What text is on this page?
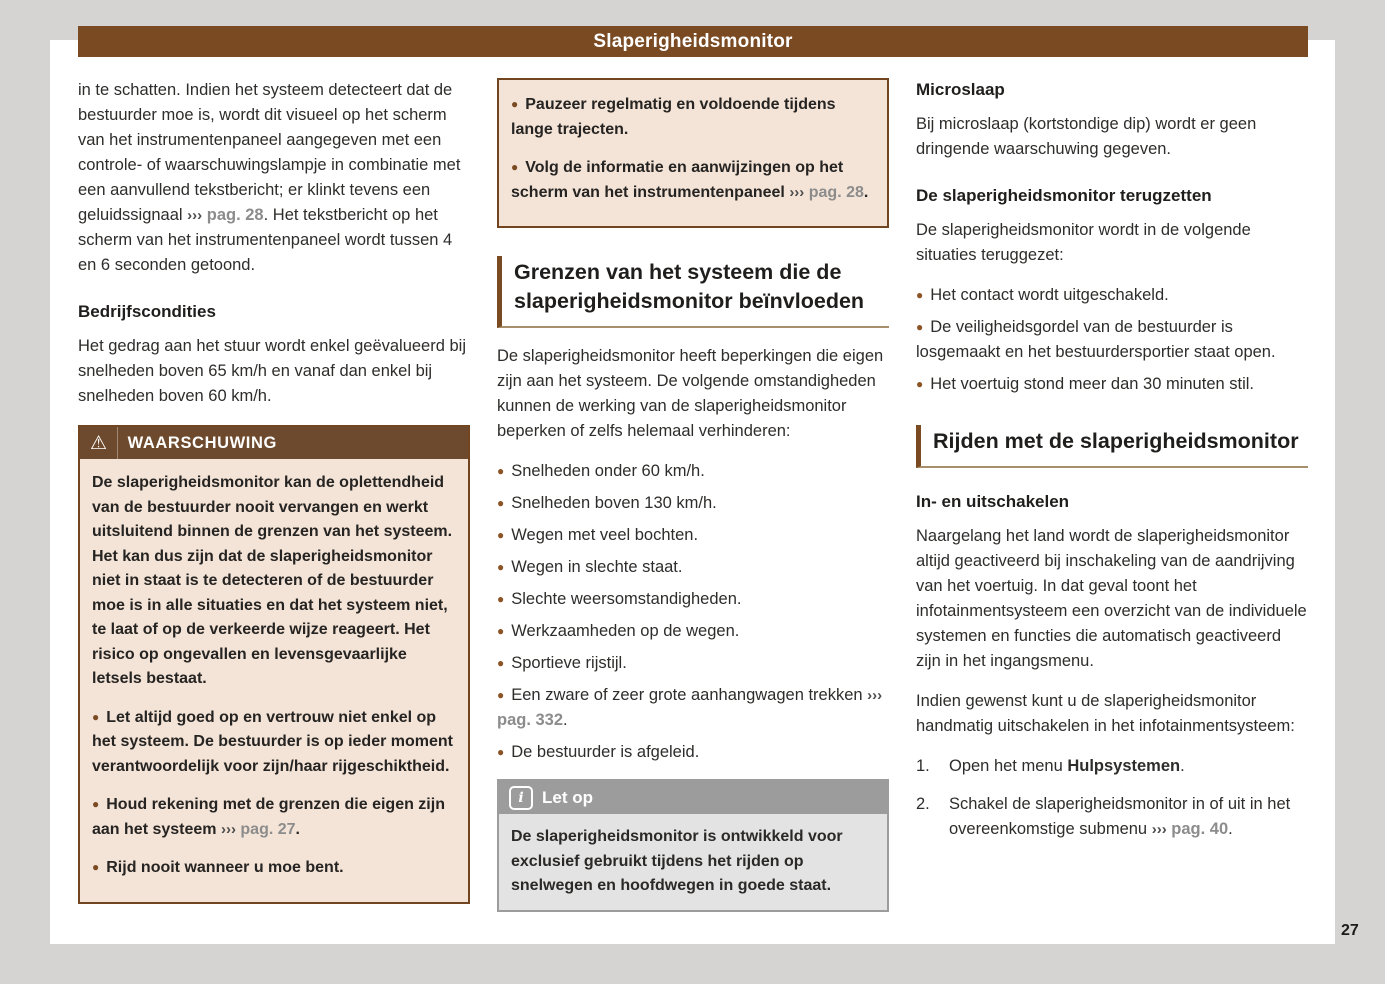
Slaperigheidsmonitor

in te schatten. Indien het systeem detecteert dat de bestuurder moe is, wordt dit visueel op het scherm van het instrumentenpaneel aangegeven met een controle- of waarschuwingslampje in combinatie met een aanvullend tekstbericht; er klinkt tevens een geluidssignaal ››› pag. 28. Het tekstbericht op het scherm van het instrumentenpaneel wordt tussen 4 en 6 seconden getoond.

Bedrijfscondities

Het gedrag aan het stuur wordt enkel geëvalueerd bij snelheden boven 65 km/h en vanaf dan enkel bij snelheden boven 60 km/h.

⚠ WAARSCHUWING

De slaperigheidsmonitor kan de oplettendheid van de bestuurder nooit vervangen en werkt uitsluitend binnen de grenzen van het systeem. Het kan dus zijn dat de slaperigheidsmonitor niet in staat is te detecteren of de bestuurder moe is in alle situaties en dat het systeem niet, te laat of op de verkeerde wijze reageert. Het risico op ongevallen en levensgevaarlijke letsels bestaat.

● Let altijd goed op en vertrouw niet enkel op het systeem. De bestuurder is op ieder moment verantwoordelijk voor zijn/haar rijgeschiktheid.

● Houd rekening met de grenzen die eigen zijn aan het systeem ››› pag. 27.

● Rijd nooit wanneer u moe bent.

● Pauzeer regelmatig en voldoende tijdens lange trajecten.

● Volg de informatie en aanwijzingen op het scherm van het instrumentenpaneel ››› pag. 28.

Grenzen van het systeem die de slaperigheidsmonitor beïnvloeden

De slaperigheidsmonitor heeft beperkingen die eigen zijn aan het systeem. De volgende omstandigheden kunnen de werking van de slaperigheidsmonitor beperken of zelfs helemaal verhinderen:

● Snelheden onder 60 km/h.
● Snelheden boven 130 km/h.
● Wegen met veel bochten.
● Wegen in slechte staat.
● Slechte weersomstandigheden.
● Werkzaamheden op de wegen.
● Sportieve rijstijl.
● Een zware of zeer grote aanhangwagen trekken ››› pag. 332.
● De bestuurder is afgeleid.
i	Let op
De slaperigheidsmonitor is ontwikkeld voor exclusief gebruikt tijdens het rijden op snelwegen en hoofdwegen in goede staat.
Microslaap

Bij microslaap (kortstondige dip) wordt er geen dringende waarschuwing gegeven.

De slaperigheidsmonitor terugzetten

De slaperigheidsmonitor wordt in de volgende situaties teruggezet:

● Het contact wordt uitgeschakeld.
● De veiligheidsgordel van de bestuurder is losgemaakt en het bestuurdersportier staat open.
● Het voertuig stond meer dan 30 minuten stil.
Rijden met de slaperigheidsmonitor
In- en uitschakelen

Naargelang het land wordt de slaperigheidsmonitor altijd geactiveerd bij inschakeling van de aandrijving van het voertuig. In dat geval toont het infotainmentsysteem een overzicht van de individuele systemen en functies die automatisch geactiveerd zijn in het ingangsmenu.

Indien gewenst kunt u de slaperigheidsmonitor handmatig uitschakelen in het infotainmentsysteem:

1.	Open het menu Hulpsystemen.
2.	Schakel de slaperigheidsmonitor in of uit in het overeenkomstige submenu ››› pag. 40.
27
